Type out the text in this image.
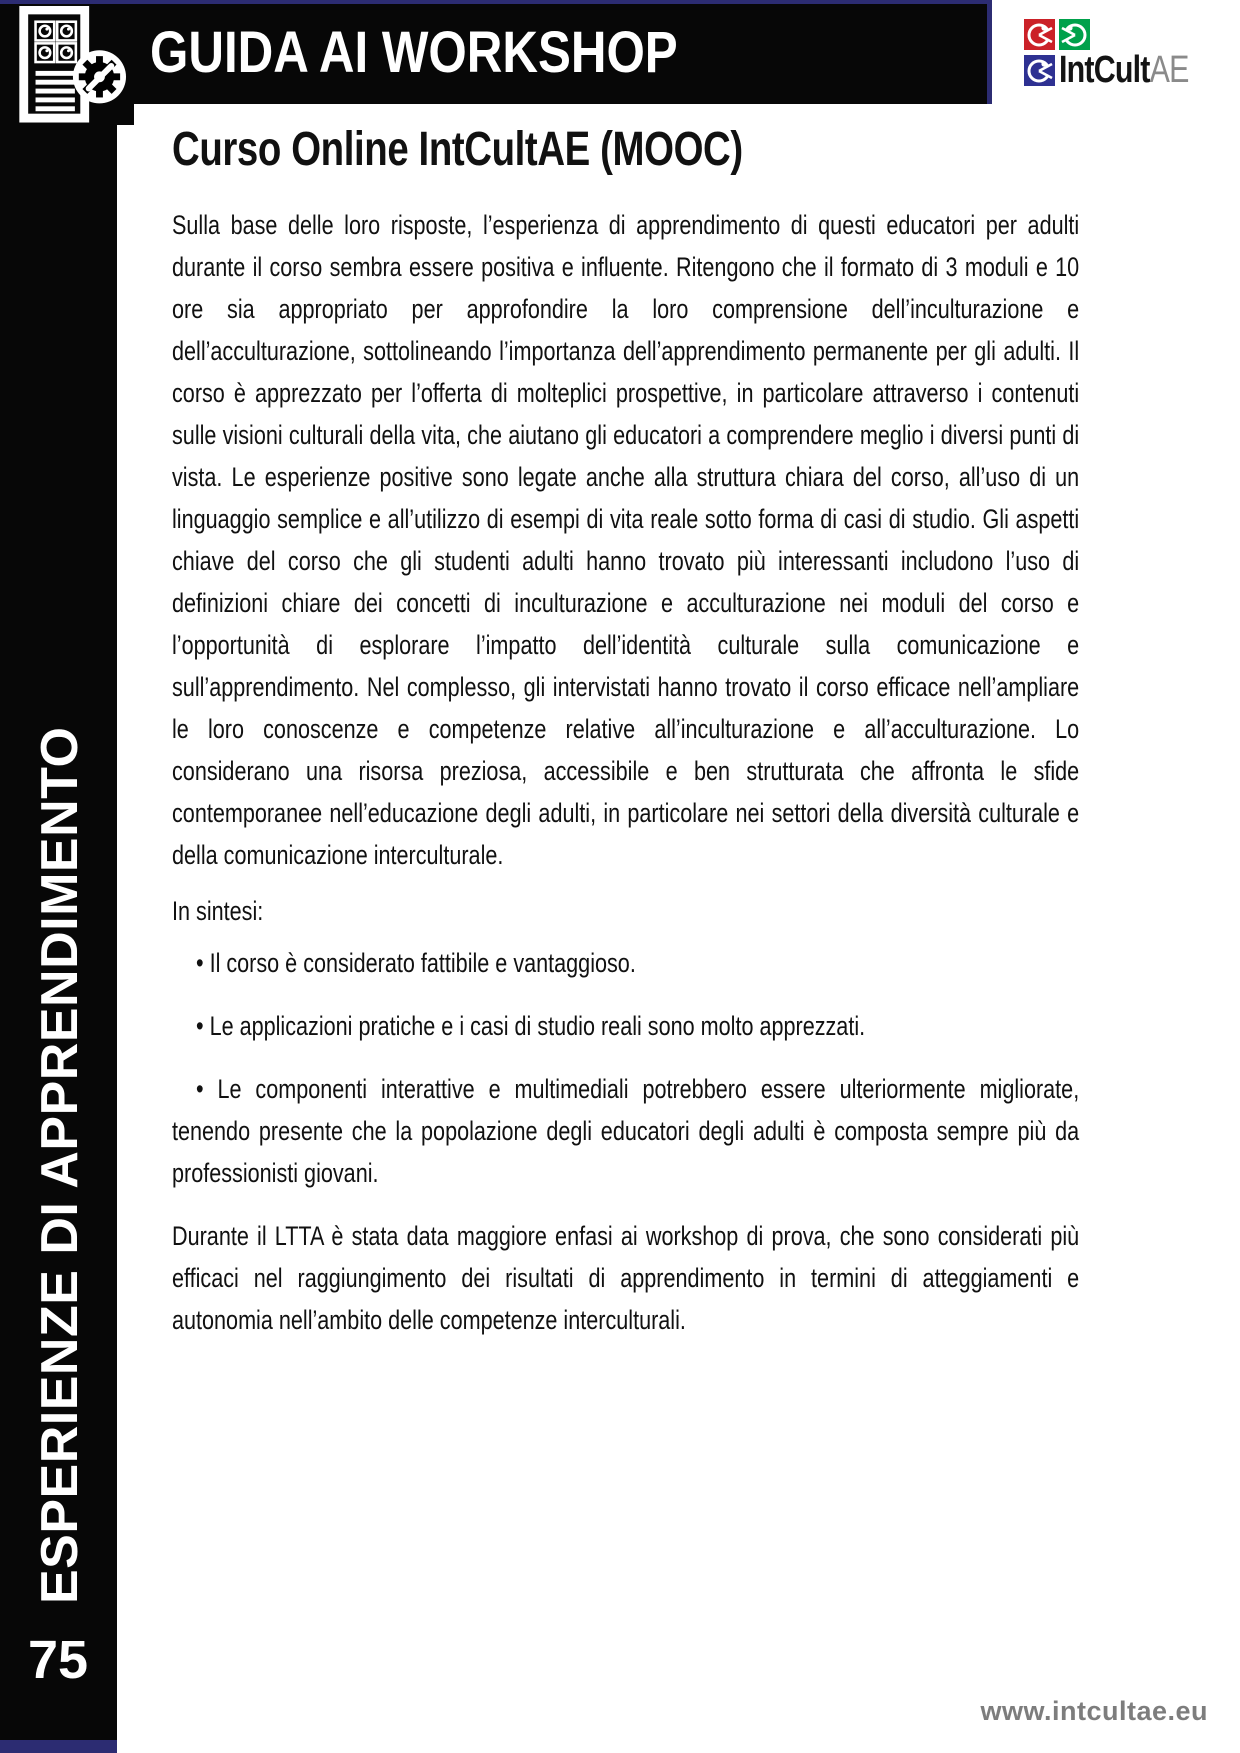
ESPERIENZE DI APPRENDIMENTO
75
GUIDA AI WORKSHOP	IntCultAE
Curso Online IntCultAE (MOOC)

Sulla base delle loro risposte, l’esperienza di apprendimento di questi educatori per adulti durante il corso sembra essere positiva e influente. Ritengono che il formato di 3 moduli e 10 ore sia appropriato per approfondire la loro comprensione dell’inculturazione e dell’acculturazione, sottolineando l’importanza dell’apprendimento permanente per gli adulti. Il corso è apprezzato per l’offerta di molteplici prospettive, in particolare attraverso i contenuti sulle visioni culturali della vita, che aiutano gli educatori a comprendere meglio i diversi punti di vista. Le esperienze positive sono legate anche alla struttura chiara del corso, all’uso di un linguaggio semplice e all’utilizzo di esempi di vita reale sotto forma di casi di studio. Gli aspetti chiave del corso che gli studenti adulti hanno trovato più interessanti includono l’uso di definizioni chiare dei concetti di inculturazione e acculturazione nei moduli del corso e l’opportunità di esplorare l’impatto dell’identità culturale sulla comunicazione e sull’apprendimento. Nel complesso, gli intervistati hanno trovato il corso efficace nell’ampliare le loro conoscenze e competenze relative all’inculturazione e all’acculturazione. Lo considerano una risorsa preziosa, accessibile e ben strutturata che affronta le sfide contemporanee nell’educazione degli adulti, in particolare nei settori della diversità culturale e della comunicazione interculturale.

In sintesi:

• Il corso è considerato fattibile e vantaggioso.

• Le applicazioni pratiche e i casi di studio reali sono molto apprezzati.

• Le componenti interattive e multimediali potrebbero essere ulteriormente migliorate, tenendo presente che la popolazione degli educatori degli adulti è composta sempre più da professionisti giovani.

Durante il LTTA è stata data maggiore enfasi ai workshop di prova, che sono considerati più efficaci nel raggiungimento dei risultati di apprendimento in termini di atteggiamenti e autonomia nell’ambito delle competenze interculturali.

www.intcultae.eu
